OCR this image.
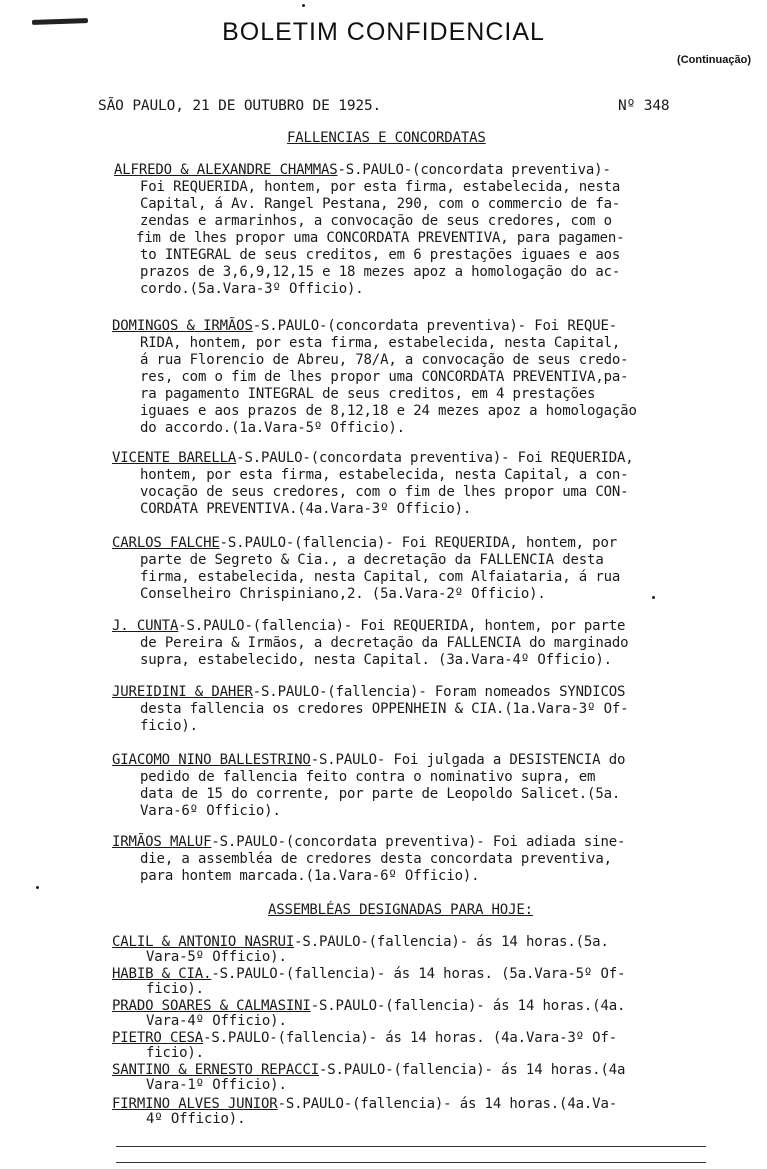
BOLETIM CONFIDENCIAL
(Continuação)
SÃO PAULO, 21 DE OUTUBRO DE 1925.	Nº 348
FALLENCIAS E CONCORDATAS
ALFREDO & ALEXANDRE CHAMMAS-S.PAULO-(concordata preventiva)-
Foi REQUERIDA, hontem, por esta firma, estabelecida, nesta
Capital, á Av. Rangel Pestana, 290, com o commercio de fa-
zendas e armarinhos, a convocação de seus credores, com o
fim de lhes propor uma CONCORDATA PREVENTIVA, para pagamen-
to INTEGRAL de seus creditos, em 6 prestações iguaes e aos
prazos de 3,6,9,12,15 e 18 mezes apoz a homologação do ac-
cordo.(5a.Vara-3º Officio).
DOMINGOS & IRMÃOS-S.PAULO-(concordata preventiva)- Foi REQUE-
RIDA, hontem, por esta firma, estabelecida, nesta Capital,
á rua Florencio de Abreu, 78/A, a convocação de seus credo-
res, com o fim de lhes propor uma CONCORDATA PREVENTIVA,pa-
ra pagamento INTEGRAL de seus creditos, em 4 prestações
iguaes e aos prazos de 8,12,18 e 24 mezes apoz a homologação
do accordo.(1a.Vara-5º Officio).
VICENTE BARELLA-S.PAULO-(concordata preventiva)- Foi REQUERIDA,
hontem, por esta firma, estabelecida, nesta Capital, a con-
vocação de seus credores, com o fim de lhes propor uma CON-
CORDATA PREVENTIVA.(4a.Vara-3º Officio).
CARLOS FALCHE-S.PAULO-(fallencia)- Foi REQUERIDA, hontem, por
parte de Segreto & Cia., a decretação da FALLENCIA desta
firma, estabelecida, nesta Capital, com Alfaiataria, á rua
Conselheiro Chrispiniano,2. (5a.Vara-2º Officio).
J. CUNTA-S.PAULO-(fallencia)- Foi REQUERIDA, hontem, por parte
de Pereira & Irmãos, a decretação da FALLENCIA do marginado
supra, estabelecido, nesta Capital. (3a.Vara-4º Officio).
JUREIDINI & DAHER-S.PAULO-(fallencia)- Foram nomeados SYNDICOS
desta fallencia os credores OPPENHEIN & CIA.(1a.Vara-3º Of-
ficio).
GIACOMO NINO BALLESTRINO-S.PAULO- Foi julgada a DESISTENCIA do
pedido de fallencia feito contra o nominativo supra, em
data de 15 do corrente, por parte de Leopoldo Salicet.(5a.
Vara-6º Officio).
IRMÃOS MALUF-S.PAULO-(concordata preventiva)- Foi adiada sine-
die, a assembléa de credores desta concordata preventiva,
para hontem marcada.(1a.Vara-6º Officio).
ASSEMBLÉAS DESIGNADAS PARA HOJE:
CALIL & ANTONIO NASRUI-S.PAULO-(fallencia)- ás 14 horas.(5a.
Vara-5º Officio).
HABIB & CIA.-S.PAULO-(fallencia)- ás 14 horas. (5a.Vara-5º Of-
ficio).
PRADO SOARES & CALMASINI-S.PAULO-(fallencia)- ás 14 horas.(4a.
Vara-4º Officio).
PIETRO CESA-S.PAULO-(fallencia)- ás 14 horas. (4a.Vara-3º Of-
ficio).
SANTINO & ERNESTO REPACCI-S.PAULO-(fallencia)- ás 14 horas.(4a
Vara-1º Officio).
FIRMINO ALVES JUNIOR-S.PAULO-(fallencia)- ás 14 horas.(4a.Va-
4º Officio).
